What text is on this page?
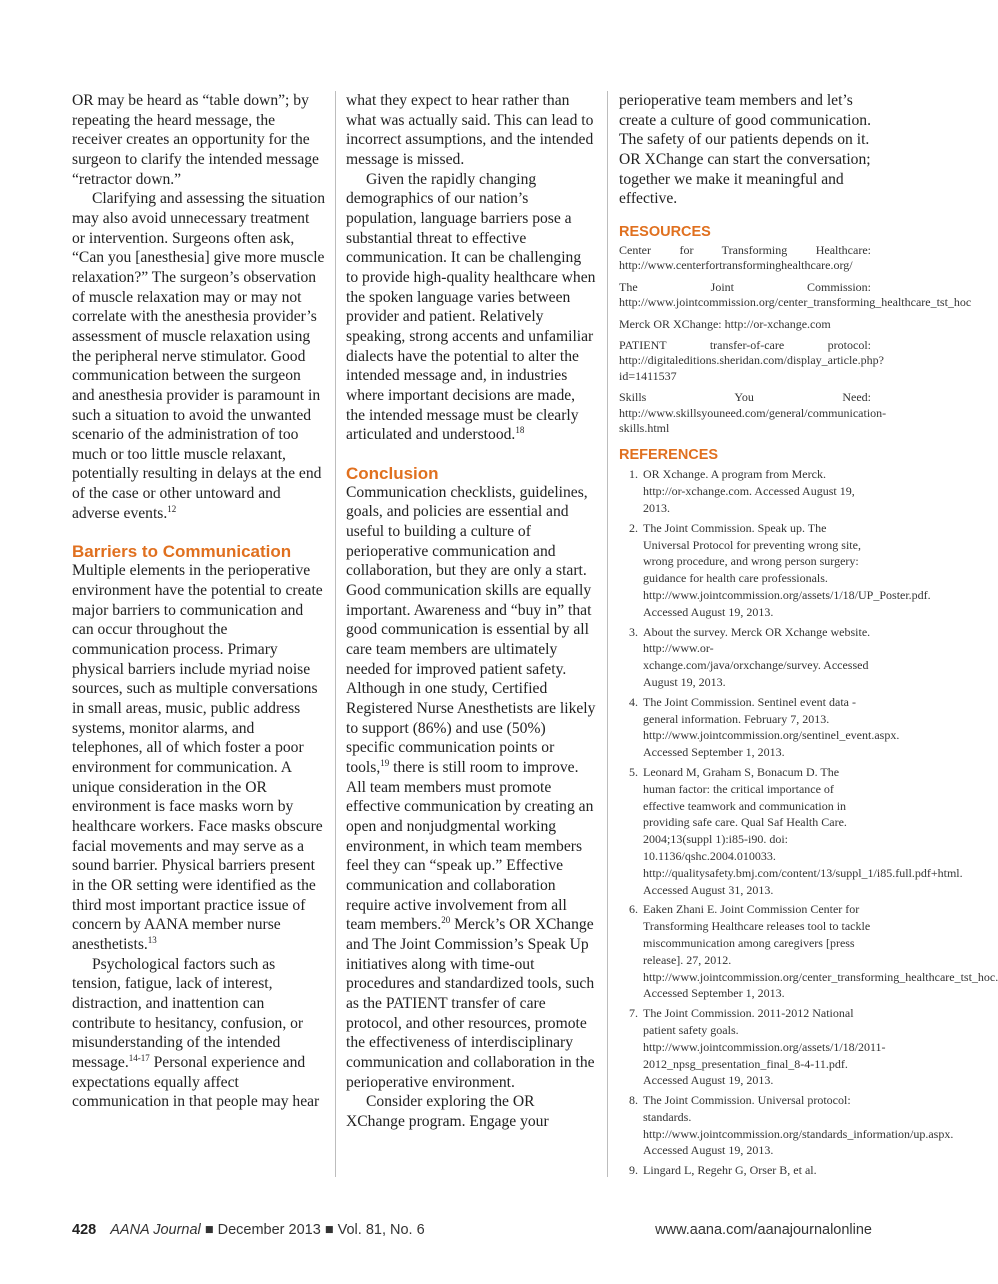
OR may be heard as “table down”; by repeating the heard message, the receiver creates an opportunity for the surgeon to clarify the intended message “retractor down.”

Clarifying and assessing the situation may also avoid unnecessary treatment or intervention. Surgeons often ask, “Can you [anesthesia] give more muscle relaxation?” The surgeon’s observation of muscle relaxation may or may not correlate with the anesthesia provider’s assessment of muscle relaxation using the peripheral nerve stimulator. Good communication between the surgeon and anesthesia provider is paramount in such a situation to avoid the unwanted scenario of the administration of too much or too little muscle relaxant, potentially resulting in delays at the end of the case or other untoward and adverse events.$^{12}$

Barriers to Communication

Multiple elements in the perioperative environment have the potential to create major barriers to communication and can occur throughout the communication process. Primary physical barriers include myriad noise sources, such as multiple conversations in small areas, music, public address systems, monitor alarms, and telephones, all of which foster a poor environment for communication. A unique consideration in the OR environment is face masks worn by healthcare workers. Face masks obscure facial movements and may serve as a sound barrier. Physical barriers present in the OR setting were identified as the third most important practice issue of concern by AANA member nurse anesthetists.$^{13}$

Psychological factors such as tension, fatigue, lack of interest, distraction, and inattention can contribute to hesitancy, confusion, or misunderstanding of the intended message.$^{14-17}$ Personal experience and expectations equally affect communication in that people may hear

what they expect to hear rather than what was actually said. This can lead to incorrect assumptions, and the intended message is missed.

Given the rapidly changing demographics of our nation’s population, language barriers pose a substantial threat to effective communication. It can be challenging to provide high-quality healthcare when the spoken language varies between provider and patient. Relatively speaking, strong accents and unfamiliar dialects have the potential to alter the intended message and, in industries where important decisions are made, the intended message must be clearly articulated and understood.$^{18}$

Conclusion

Communication checklists, guidelines, goals, and policies are essential and useful to building a culture of perioperative communication and collaboration, but they are only a start. Good communication skills are equally important. Awareness and “buy in” that good communication is essential by all care team members are ultimately needed for improved patient safety. Although in one study, Certified Registered Nurse Anesthetists are likely to support (86%) and use (50%) specific communication points or tools,$^{19}$ there is still room to improve. All team members must promote effective communication by creating an open and nonjudgmental working environment, in which team members feel they can “speak up.” Effective communication and collaboration require active involvement from all team members.$^{20}$ Merck’s OR XChange and The Joint Commission’s Speak Up initiatives along with time-out procedures and standardized tools, such as the PATIENT transfer of care protocol, and other resources, promote the effectiveness of interdisciplinary communication and collaboration in the perioperative environment.

Consider exploring the OR XChange program. Engage your

perioperative team members and let’s create a culture of good communication. The safety of our patients depends on it. OR XChange can start the conversation; together we make it meaningful and effective.

RESOURCES

Center for Transforming Healthcare: http://www.centerfortransforminghealthcare.org/

The Joint Commission: http://www.jointcommission.org/center_transforming_healthcare_tst_hoc

Merck OR XChange: http://or-xchange.com

PATIENT transfer-of-care protocol: http://digitaleditions.sheridan.com/display_article.php?id=1411537

Skills You Need: http://www.skillsyouneed.com/general/communication-skills.html

REFERENCES
1. OR Xchange. A program from Merck. http://or-xchange.com. Accessed August 19, 2013.
2. The Joint Commission. Speak up. The Universal Protocol for preventing wrong site, wrong procedure, and wrong person surgery: guidance for health care professionals. http://www.jointcommission.org/assets/1/18/UP_Poster.pdf. Accessed August 19, 2013.
3. About the survey. Merck OR Xchange website. http://www.or-xchange.com/java/orxchange/survey. Accessed August 19, 2013.
4. The Joint Commission. Sentinel event data - general information. February 7, 2013. http://www.jointcommission.org/sentinel_event.aspx. Accessed September 1, 2013.
5. Leonard M, Graham S, Bonacum D. The human factor: the critical importance of effective teamwork and communication in providing safe care. Qual Saf Health Care. 2004;13(suppl 1):i85-i90. doi: 10.1136/qshc.2004.010033. http://qualitysafety.bmj.com/content/13/suppl_1/i85.full.pdf+html. Accessed August 31, 2013.
6. Eaken Zhani E. Joint Commission Center for Transforming Healthcare releases tool to tackle miscommunication among caregivers [press release]. 27, 2012. http://www.jointcommission.org/center_transforming_healthcare_tst_hoc. Accessed September 1, 2013.
7. The Joint Commission. 2011-2012 National patient safety goals. http://www.jointcommission.org/assets/1/18/2011-2012_npsg_presentation_final_8-4-11.pdf. Accessed August 19, 2013.
8. The Joint Commission. Universal protocol: standards. http://www.jointcommission.org/standards_information/up.aspx. Accessed August 19, 2013.
9. Lingard L, Regehr G, Orser B, et al.
428 AANA Journal ■ December 2013 ■ Vol. 81, No. 6	www.aana.com/aanajournalonline
